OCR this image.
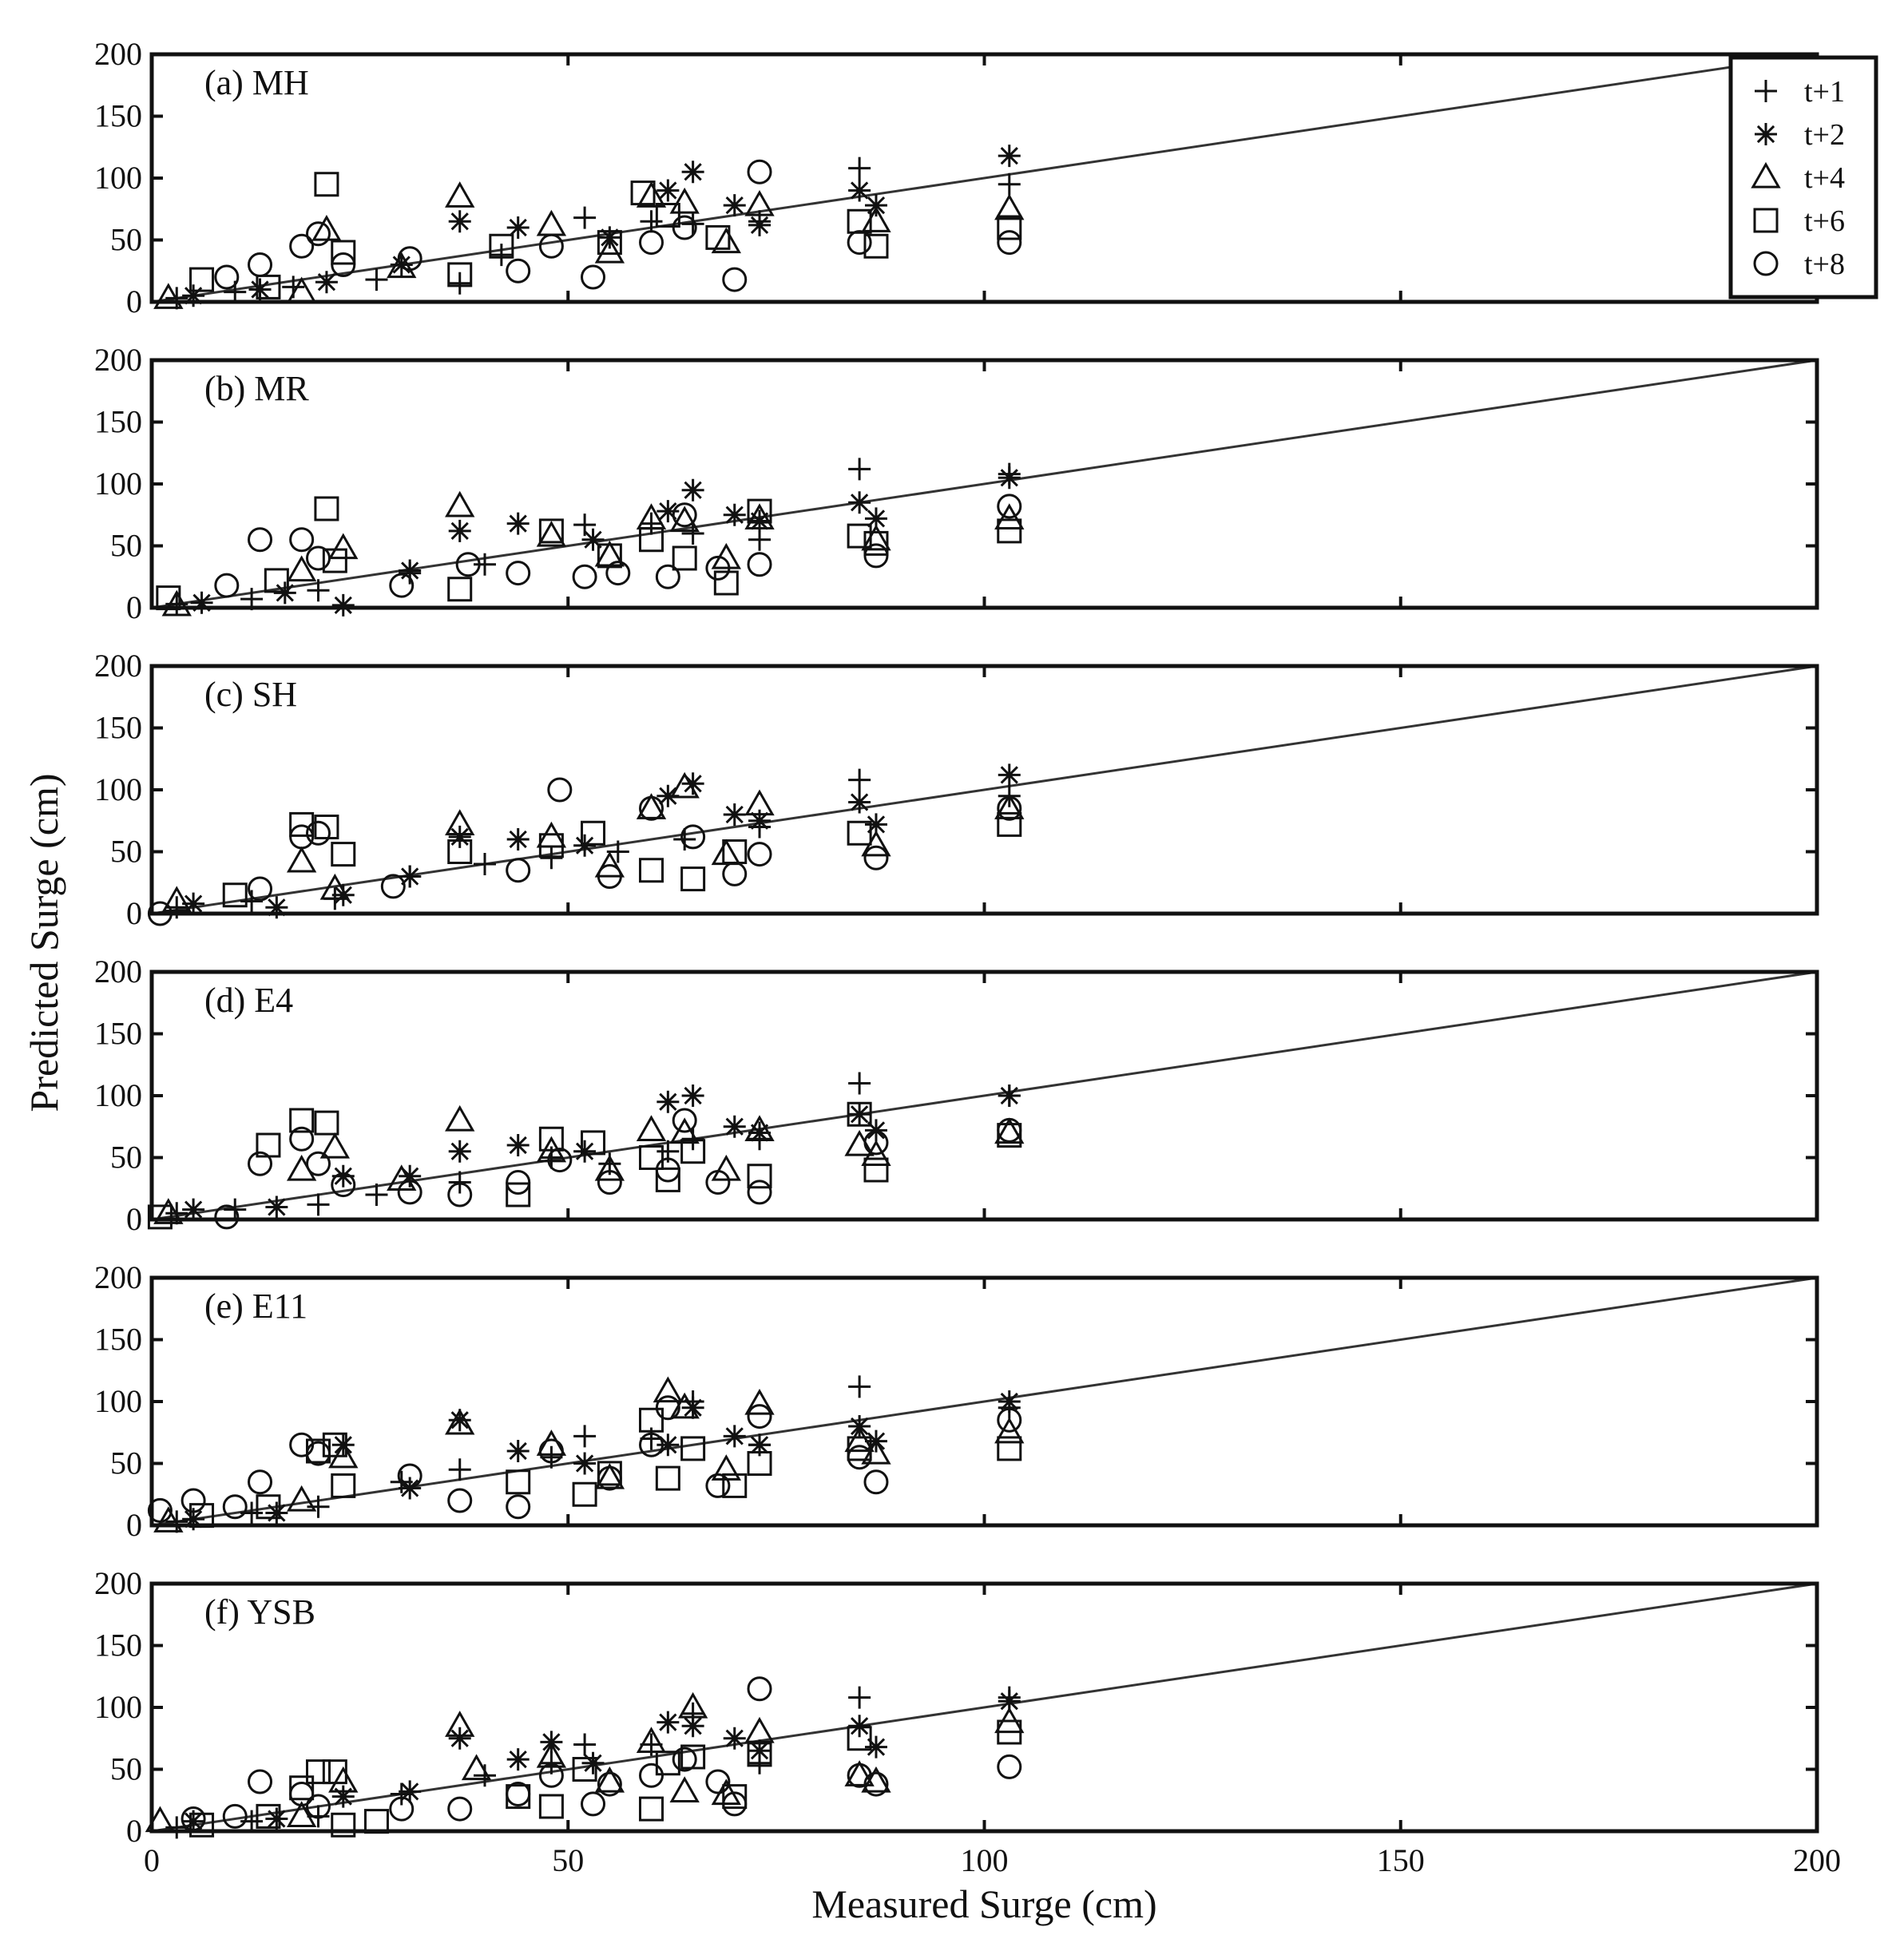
0
50
100
150
200
(a) MH
0
50
100
150
200
(b) MR
0
50
100
150
200
(c) SH
0
50
100
150
200
(d) E4
0
50
100
150
200
(e) E11
0
50
100
150
200
(f) YSB
0	50	100	150	200
Measured Surge (cm)
Predicted Surge (cm)
t+1
t+2
t+4
t+6
t+8
